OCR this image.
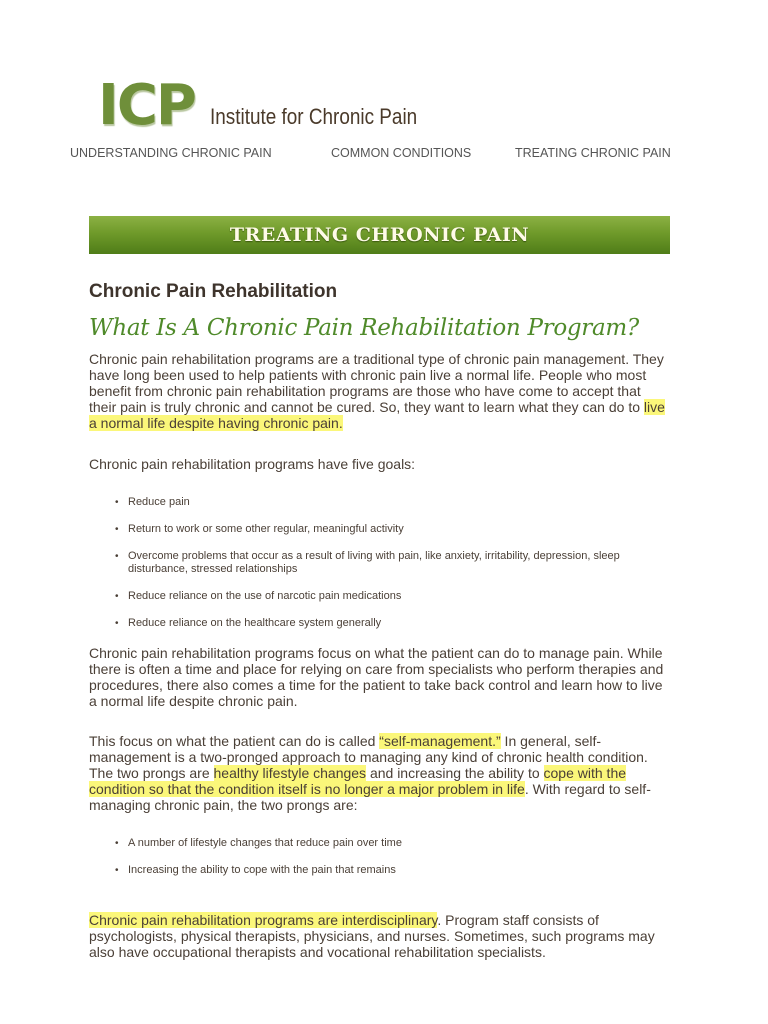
ICP Institute for Chronic Pain
UNDERSTANDING CHRONIC PAIN	COMMON CONDITIONS	TREATING CHRONIC PAIN
TREATING CHRONIC PAIN
Chronic Pain Rehabilitation
What Is A Chronic Pain Rehabilitation Program?

Chronic pain rehabilitation programs are a traditional type of chronic pain management. They have long been used to help patients with chronic pain live a normal life. People who most benefit from chronic pain rehabilitation programs are those who have come to accept that their pain is truly chronic and cannot be cured. So, they want to learn what they can do to live a normal life despite having chronic pain.

Chronic pain rehabilitation programs have five goals:

• Reduce pain
• Return to work or some other regular, meaningful activity
• Overcome problems that occur as a result of living with pain, like anxiety, irritability, depression, sleep disturbance, stressed relationships
• Reduce reliance on the use of narcotic pain medications
• Reduce reliance on the healthcare system generally

Chronic pain rehabilitation programs focus on what the patient can do to manage pain. While there is often a time and place for relying on care from specialists who perform therapies and procedures, there also comes a time for the patient to take back control and learn how to live a normal life despite chronic pain.

This focus on what the patient can do is called “self-management.” In general, self-management is a two-pronged approach to managing any kind of chronic health condition. The two prongs are healthy lifestyle changes and increasing the ability to cope with the condition so that the condition itself is no longer a major problem in life. With regard to self-managing chronic pain, the two prongs are:

• A number of lifestyle changes that reduce pain over time
• Increasing the ability to cope with the pain that remains

Chronic pain rehabilitation programs are interdisciplinary. Program staff consists of psychologists, physical therapists, physicians, and nurses. Sometimes, such programs may also have occupational therapists and vocational rehabilitation specialists.
